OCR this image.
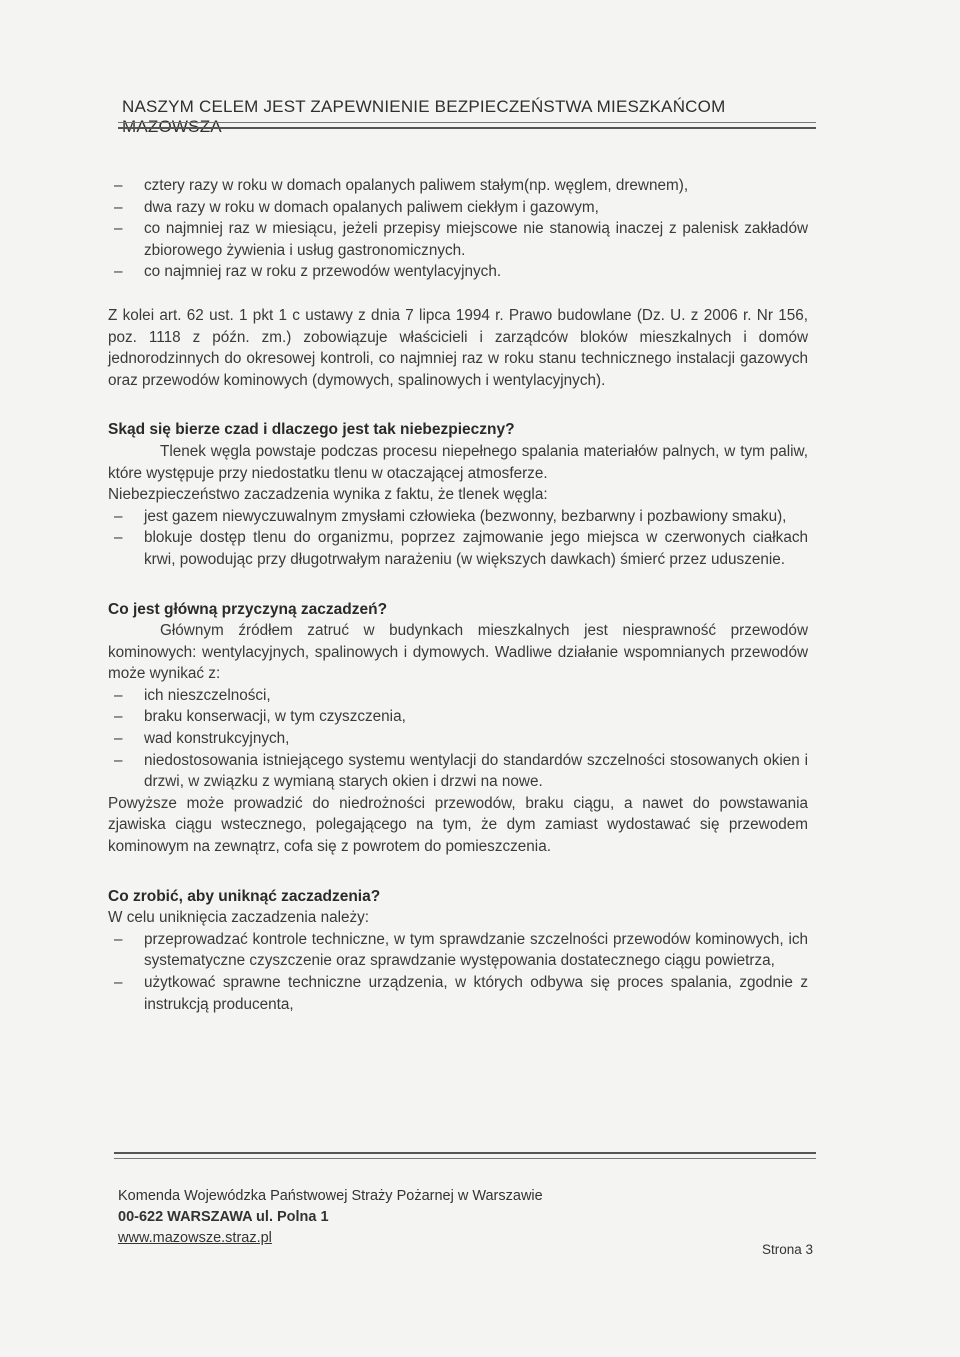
NASZYM CELEM JEST ZAPEWNIENIE BEZPIECZEŃSTWA MIESZKAŃCOM MAZOWSZA
– cztery razy w roku w domach opalanych paliwem stałym(np. węglem, drewnem),
– dwa razy w roku w domach opalanych paliwem ciekłym i gazowym,
– co najmniej raz w miesiącu, jeżeli przepisy miejscowe nie stanowią inaczej z palenisk zakładów zbiorowego żywienia i usług gastronomicznych.
– co najmniej raz w roku z przewodów wentylacyjnych.

Z kolei art. 62 ust. 1 pkt 1 c ustawy z dnia 7 lipca 1994 r. Prawo budowlane (Dz. U. z 2006 r. Nr 156, poz. 1118 z późn. zm.) zobowiązuje właścicieli i zarządców bloków mieszkalnych i domów jednorodzinnych do okresowej kontroli, co najmniej raz w roku stanu technicznego instalacji gazowych oraz przewodów kominowych (dymowych, spalinowych i wentylacyjnych).

Skąd się bierze czad i dlaczego jest tak niebezpieczny?

Tlenek węgla powstaje podczas procesu niepełnego spalania materiałów palnych, w tym paliw, które występuje przy niedostatku tlenu w otaczającej atmosferze.

Niebezpieczeństwo zaczadzenia wynika z faktu, że tlenek węgla:

– jest gazem niewyczuwalnym zmysłami człowieka (bezwonny, bezbarwny i pozbawiony smaku),
– blokuje dostęp tlenu do organizmu, poprzez zajmowanie jego miejsca w czerwonych ciałkach krwi, powodując przy długotrwałym narażeniu (w większych dawkach) śmierć przez uduszenie.

Co jest główną przyczyną zaczadzeń?

Głównym źródłem zatruć w budynkach mieszkalnych jest niesprawność przewodów kominowych: wentylacyjnych, spalinowych i dymowych. Wadliwe działanie wspomnianych przewodów może wynikać z:

– ich nieszczelności,
– braku konserwacji, w tym czyszczenia,
– wad konstrukcyjnych,
– niedostosowania istniejącego systemu wentylacji do standardów szczelności stosowanych okien i drzwi, w związku z wymianą starych okien i drzwi na nowe.

Powyższe może prowadzić do niedrożności przewodów, braku ciągu, a nawet do powstawania zjawiska ciągu wstecznego, polegającego na tym, że dym zamiast wydostawać się przewodem kominowym na zewnątrz, cofa się z powrotem do pomieszczenia.

Co zrobić, aby uniknąć zaczadzenia?

W celu uniknięcia zaczadzenia należy:

– przeprowadzać kontrole techniczne, w tym sprawdzanie szczelności przewodów kominowych, ich systematyczne czyszczenie oraz sprawdzanie występowania dostatecznego ciągu powietrza,
– użytkować sprawne techniczne urządzenia, w których odbywa się proces spalania, zgodnie z instrukcją producenta,
Komenda Wojewódzka Państwowej Straży Pożarnej w Warszawie
00-622 WARSZAWA ul. Polna 1
www.mazowsze.straz.pl
Strona 3
